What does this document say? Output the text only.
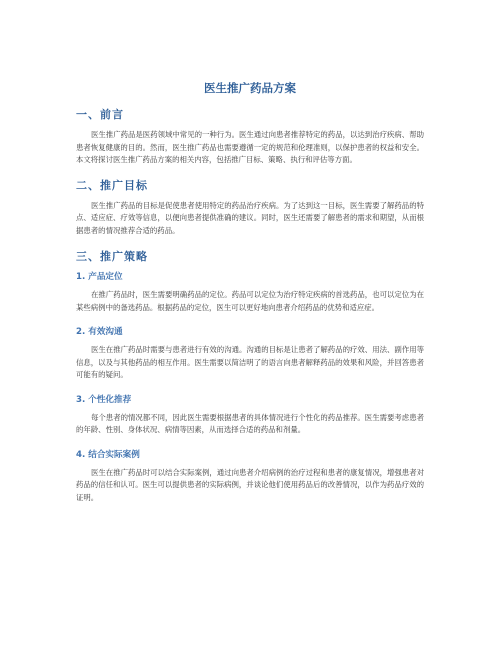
医生推广药品方案
一、前言

医生推广药品是医药领域中常见的一种行为。医生通过向患者推荐特定的药品，以达到治疗疾病、帮助患者恢复健康的目的。然而，医生推广药品也需要遵循一定的规范和伦理准则，以保护患者的权益和安全。本文将探讨医生推广药品方案的相关内容，包括推广目标、策略、执行和评估等方面。

二、推广目标

医生推广药品的目标是促使患者使用特定的药品治疗疾病。为了达到这一目标，医生需要了解药品的特点、适应症、疗效等信息，以便向患者提供准确的建议。同时，医生还需要了解患者的需求和期望，从而根据患者的情况推荐合适的药品。

三、推广策略
1. 产品定位

在推广药品时，医生需要明确药品的定位。药品可以定位为治疗特定疾病的首选药品，也可以定位为在某些病例中的备选药品。根据药品的定位，医生可以更好地向患者介绍药品的优势和适应症。

2. 有效沟通

医生在推广药品时需要与患者进行有效的沟通。沟通的目标是让患者了解药品的疗效、用法、副作用等信息，以及与其他药品的相互作用。医生需要以简洁明了的语言向患者解释药品的效果和风险，并回答患者可能有的疑问。

3. 个性化推荐

每个患者的情况都不同，因此医生需要根据患者的具体情况进行个性化的药品推荐。医生需要考虑患者的年龄、性别、身体状况、病情等因素，从而选择合适的药品和剂量。

4. 结合实际案例

医生在推广药品时可以结合实际案例，通过向患者介绍病例的治疗过程和患者的康复情况，增强患者对药品的信任和认可。医生可以提供患者的实际病例，并谈论他们使用药品后的改善情况，以作为药品疗效的证明。
